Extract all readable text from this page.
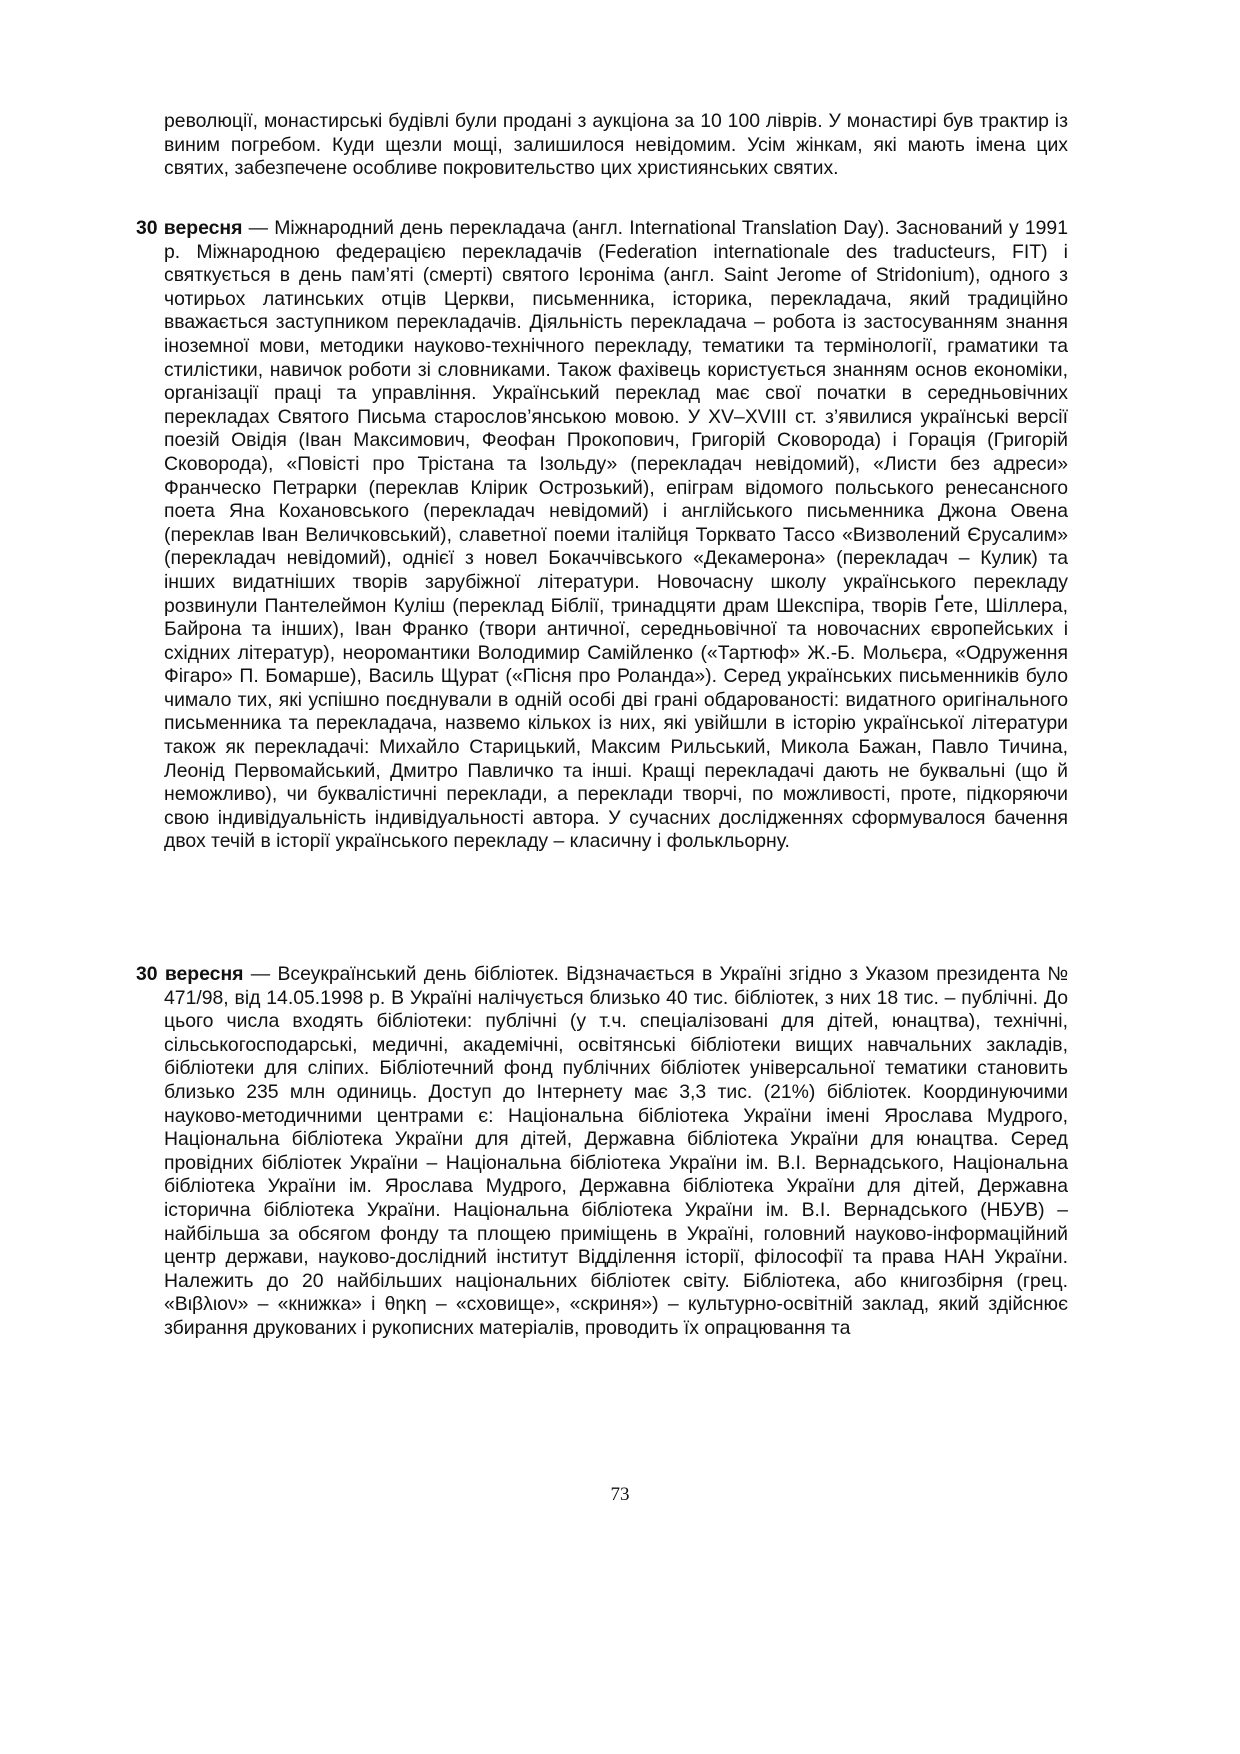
революції, монастирські будівлі були продані з аукціона за 10 100 ліврів. У монастирі був трактир із виним погребом. Куди щезли мощі, залишилося невідомим. Усім жінкам, які мають імена цих святих, забезпечене особливе покровительство цих християнських святих.

30 вересня — Міжнародний день перекладача (англ. International Translation Day). Заснований у 1991 р. Міжнародною федерацією перекладачів (Federation internationale des traducteurs, FIT) і святкується в день пам’яті (смерті) святого Ієроніма (англ. Saint Jerome of Stridonium), одного з чотирьох латинських отців Церкви, письменника, історика, перекладача, який традиційно вважається заступником перекладачів. Діяльність перекладача – робота із застосуванням знання іноземної мови, методики науково-технічного перекладу, тематики та термінології, граматики та стилістики, навичок роботи зі словниками. Також фахівець користується знанням основ економіки, організації праці та управління. Український переклад має свої початки в середньовічних перекладах Святого Письма старослов’янською мовою. У XV–XVIII ст. з’явилися українські версії поезій Овідія (Іван Максимович, Феофан Прокопович, Григорій Сковорода) і Горація (Григорій Сковорода), «Повісті про Трістана та Ізольду» (перекладач невідомий), «Листи без адреси» Франческо Петрарки (переклав Клірик Острозький), епіграм відомого польського ренесансного поета Яна Кохановського (перекладач невідомий) і англійського письменника Джона Овена (переклав Іван Величковський), славетної поеми італійця Торквато Тассо «Визволений Єрусалим» (перекладач невідомий), однієї з новел Бокаччівського «Декамерона» (перекладач – Кулик) та інших видатніших творів зарубіжної літератури. Новочасну школу українського перекладу розвинули Пантелеймон Куліш (переклад Біблії, тринадцяти драм Шекспіра, творів Ґете, Шіллера, Байрона та інших), Іван Франко (твори античної, середньовічної та новочасних європейських і східних літератур), неоромантики Володимир Самійленко («Тартюф» Ж.-Б. Мольєра, «Одруження Фігаро» П. Бомарше), Василь Щурат («Пісня про Роланда»). Серед українських письменників було чимало тих, які успішно поєднували в одній особі дві грані обдарованості: видатного оригінального письменника та перекладача, назвемо кількох із них, які увійшли в історію української літератури також як перекладачі: Михайло Старицький, Максим Рильський, Микола Бажан, Павло Тичина, Леонід Первомайський, Дмитро Павличко та інші. Кращі перекладачі дають не буквальні (що й неможливо), чи буквалістичні переклади, а переклади творчі, по можливості, проте, підкоряючи свою індивідуальність індивідуальності автора. У сучасних дослідженнях сформувалося бачення двох течій в історії українського перекладу – класичну і фолькльорну.

30 вересня — Всеукраїнський день бібліотек. Відзначається в Україні згідно з Указом президента № 471/98, від 14.05.1998 р. В Україні налічується близько 40 тис. бібліотек, з них 18 тис. – публічні. До цього числа входять бібліотеки: публічні (у т.ч. спеціалізовані для дітей, юнацтва), технічні, сільськогосподарські, медичні, академічні, освітянські бібліотеки вищих навчальних закладів, бібліотеки для сліпих. Бібліотечний фонд публічних бібліотек універсальної тематики становить близько 235 млн одиниць. Доступ до Інтернету має 3,3 тис. (21%) бібліотек. Координуючими науково-методичними центрами є: Національна бібліотека України імені Ярослава Мудрого, Національна бібліотека України для дітей, Державна бібліотека України для юнацтва. Серед провідних бібліотек України – Національна бібліотека України ім. В.І. Вернадського, Національна бібліотека України ім. Ярослава Мудрого, Державна бібліотека України для дітей, Державна історична бібліотека України. Національна бібліотека України ім. В.І. Вернадського (НБУВ) – найбільша за обсягом фонду та площею приміщень в Україні, головний науково-інформаційний центр держави, науково-дослідний інститут Відділення історії, філософії та права НАН України. Належить до 20 найбільших національних бібліотек світу. Бібліотека, або книгозбірня (грец. «Βιβλιον» – «книжка» і θηκη – «сховище», «скриня») – культурно-освітній заклад, який здійснює збирання друкованих і рукописних матеріалів, проводить їх опрацювання та

73
